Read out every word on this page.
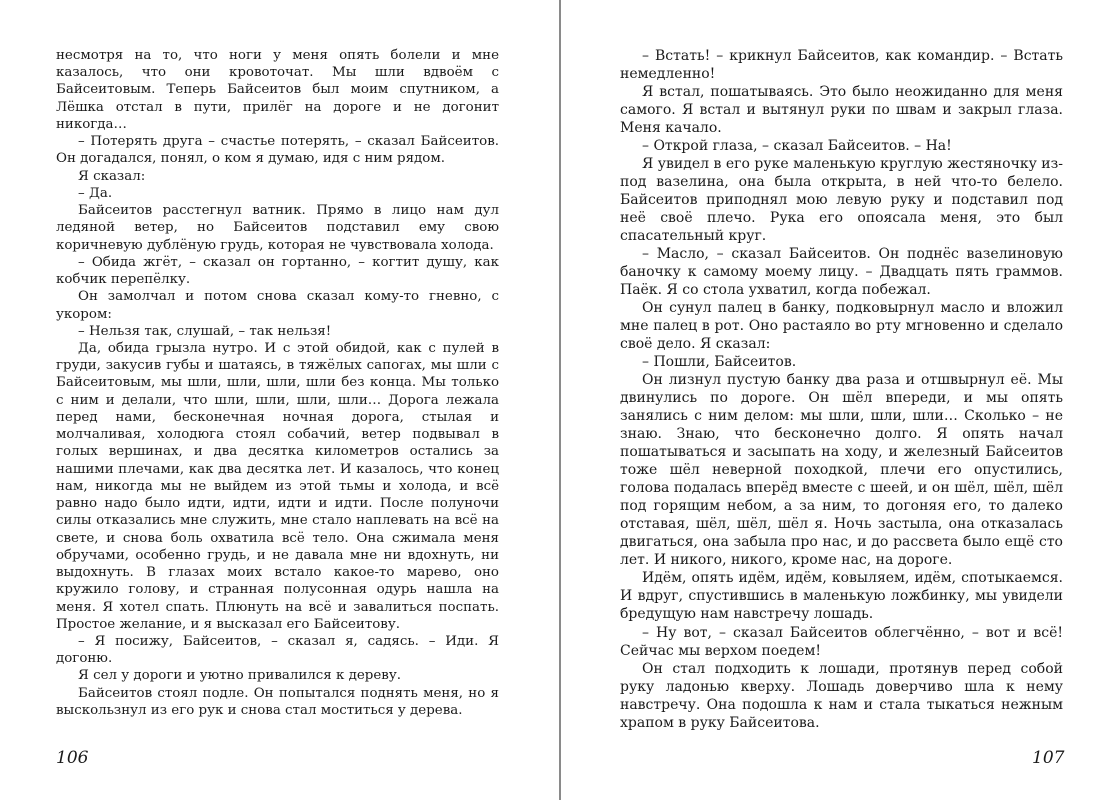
несмотря на то, что ноги у меня опять болели и мне казалось, что они кровоточат. Мы шли вдвоём с Байсеитовым. Теперь Байсеитов был моим спутником, а Лёшка отстал в пути, прилёг на дороге и не догонит никогда…

– Потерять друга – счастье потерять, – сказал Байсеитов. Он догадался, понял, о ком я думаю, идя с ним рядом.

Я сказал:

– Да.

Байсеитов расстегнул ватник. Прямо в лицо нам дул ледяной ветер, но Байсеитов подставил ему свою коричневую дублёную грудь, которая не чувствовала холода.

– Обида жгёт, – сказал он гортанно, – когтит душу, как кобчик перепёлку.

Он замолчал и потом снова сказал кому-то гневно, с укором:

– Нельзя так, слушай, – так нельзя!

Да, обида грызла нутро. И с этой обидой, как с пулей в груди, закусив губы и шатаясь, в тяжёлых сапогах, мы шли с Байсеитовым, мы шли, шли, шли, шли без конца. Мы только с ним и делали, что шли, шли, шли, шли… Дорога лежала перед нами, бесконечная ночная дорога, стылая и молчаливая, холодюга стоял собачий, ветер подвывал в голых вершинах, и два десятка километров остались за нашими плечами, как два десятка лет. И казалось, что конец нам, никогда мы не выйдем из этой тьмы и холода, и всё равно надо было идти, идти, идти и идти. После полуночи силы отказались мне служить, мне стало наплевать на всё на свете, и снова боль охватила всё тело. Она сжимала меня обручами, особенно грудь, и не давала мне ни вдохнуть, ни выдохнуть. В глазах моих встало какое-то марево, оно кружило голову, и странная полусонная одурь нашла на меня. Я хотел спать. Плюнуть на всё и завалиться поспать. Простое желание, и я высказал его Байсеитову.

– Я посижу, Байсеитов, – сказал я, садясь. – Иди. Я догоню.

Я сел у дороги и уютно привалился к дереву.

Байсеитов стоял подле. Он попытался поднять меня, но я выскользнул из его рук и снова стал моститься у дерева.

106

– Встать! – крикнул Байсеитов, как командир. – Встать немедленно!

Я встал, пошатываясь. Это было неожиданно для меня самого. Я встал и вытянул руки по швам и закрыл глаза. Меня качало.

– Открой глаза, – сказал Байсеитов. – На!

Я увидел в его руке маленькую круглую жестяночку из-под вазелина, она была открыта, в ней что-то белело. Байсеитов приподнял мою левую руку и подставил под неё своё плечо. Рука его опоясала меня, это был спасательный круг.

– Масло, – сказал Байсеитов. Он поднёс вазелиновую баночку к самому моему лицу. – Двадцать пять граммов. Паёк. Я со стола ухватил, когда побежал.

Он сунул палец в банку, подковырнул масло и вложил мне палец в рот. Оно растаяло во рту мгновенно и сделало своё дело. Я сказал:

– Пошли, Байсеитов.

Он лизнул пустую банку два раза и отшвырнул её. Мы двинулись по дороге. Он шёл впереди, и мы опять занялись с ним делом: мы шли, шли, шли… Сколько – не знаю. Знаю, что бесконечно долго. Я опять начал пошатываться и засыпать на ходу, и железный Байсеитов тоже шёл неверной походкой, плечи его опустились, голова подалась вперёд вместе с шеей, и он шёл, шёл, шёл под горящим небом, а за ним, то догоняя его, то далеко отставая, шёл, шёл, шёл я. Ночь застыла, она отказалась двигаться, она забыла про нас, и до рассвета было ещё сто лет. И никого, никого, кроме нас, на дороге.

Идём, опять идём, идём, ковыляем, идём, спотыкаемся. И вдруг, спустившись в маленькую ложбинку, мы увидели бредущую нам навстречу лошадь.

– Ну вот, – сказал Байсеитов облегчённо, – вот и всё! Сейчас мы верхом поедем!

Он стал подходить к лошади, протянув перед собой руку ладонью кверху. Лошадь доверчиво шла к нему навстречу. Она подошла к нам и стала тыкаться нежным храпом в руку Байсеитова.

107
